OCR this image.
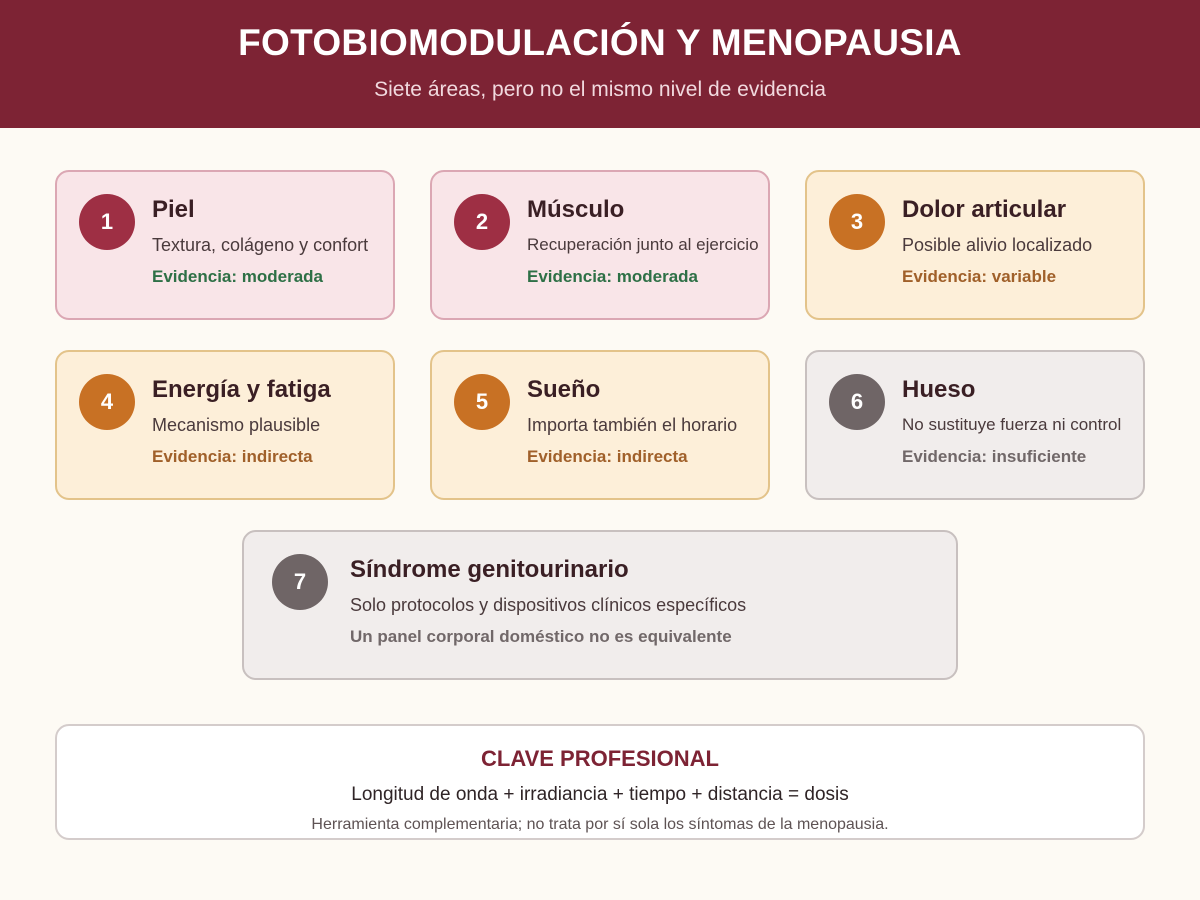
FOTOBIOMODULACIÓN Y MENOPAUSIA
Siete áreas, pero no el mismo nivel de evidencia
1	Piel
Textura, colágeno y confort
Evidencia: moderada
2	Músculo
Recuperación junto al ejercicio
Evidencia: moderada
3	Dolor articular
Posible alivio localizado
Evidencia: variable
4	Energía y fatiga
Mecanismo plausible
Evidencia: indirecta
5	Sueño
Importa también el horario
Evidencia: indirecta
6	Hueso
No sustituye fuerza ni control
Evidencia: insuficiente
7	Síndrome genitourinario
Solo protocolos y dispositivos clínicos específicos
Un panel corporal doméstico no es equivalente
CLAVE PROFESIONAL
Longitud de onda + irradiancia + tiempo + distancia = dosis
Herramienta complementaria; no trata por sí sola los síntomas de la menopausia.
